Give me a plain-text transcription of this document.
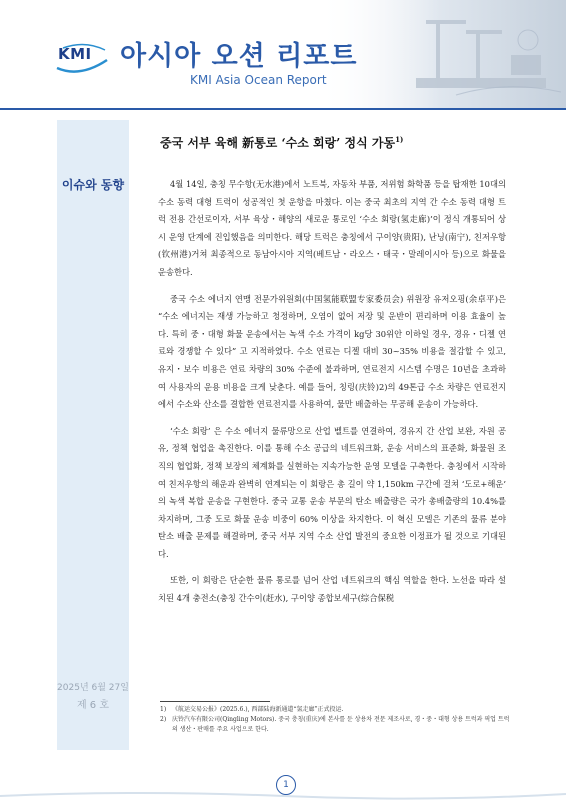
KMI 아시아 오션 리포트
KMI Asia Ocean Report
이슈와 동향
2025년 6월 27일
제 6 호
중국 서부 육해 新통로 ‘수소 회랑’ 정식 가동$^{1)}$

4월 14일, 충칭 무수항(无水港)에서 노트북, 자동차 부품, 저위험 화학품 등을 탑재한 10대의 수소 동력 대형 트럭이 성공적인 첫 운항을 마쳤다. 이는 중국 최초의 지역 간 수소 동력 대형 트럭 전용 간선로이자, 서부 육상・해양의 새로운 통로인 ‘수소 회랑(氢走廊)’이 정식 개통되어 상시 운영 단계에 진입했음을 의미한다. 해당 트럭은 충칭에서 구이양(贵阳), 난닝(南宁), 친저우항(钦州港)거쳐 최종적으로 동남아시아 지역(베트남・라오스・태국・말레이시아 등)으로 화물을 운송한다.

중국 수소 에너지 연맹 전문가위원회(中国氢能联盟专家委员会) 위원장 유저오핑(余卓平)은 “수소 에너지는 재생 가능하고 청정하며, 오염이 없어 저장 및 운반이 편리하며 이용 효율이 높다. 특히 중・대형 화물 운송에서는 녹색 수소 가격이 kg당 30위안 이하일 경우, 경유・디젤 연료와 경쟁할 수 있다” 고 지적하였다. 수소 연료는 디젤 대비 30~35% 비용을 절감할 수 있고, 유지・보수 비용은 연료 차량의 30% 수준에 불과하며, 연료전지 시스템 수명은 10년을 초과하여 사용자의 운용 비용을 크게 낮춘다. 예를 들어, 칭링(庆铃)2)의 49톤급 수소 차량은 연료전지에서 수소와 산소를 결합한 연료전지를 사용하여, 물만 배출하는 무공해 운송이 가능하다.

‘수소 회랑’ 은 수소 에너지 물류망으로 산업 벨트를 연결하여, 경유지 간 산업 보완, 자원 공유, 정책 협업을 촉진한다. 이를 통해 수소 공급의 네트워크화, 운송 서비스의 표준화, 화물원 조직의 협업화, 정책 보장의 체계화를 실현하는 지속가능한 운영 모델을 구축한다. 충칭에서 시작하여 친저우항의 해운과 완벽히 연계되는 이 회랑은 총 길이 약 1,150km 구간에 걸쳐 ‘도로+해운’ 의 녹색 복합 운송을 구현한다. 중국 교통 운송 부문의 탄소 배출량은 국가 총배출량의 10.4%를 차지하며, 그중 도로 화물 운송 비중이 60% 이상을 차지한다. 이 혁신 모델은 기존의 물류 분야 탄소 배출 문제를 해결하며, 중국 서부 지역 수소 산업 발전의 중요한 이정표가 될 것으로 기대된다.

또한, 이 회랑은 단순한 물류 통로를 넘어 산업 네트워크의 핵심 역할을 한다. 노선을 따라 설치된 4개 충전소(충칭 간수이(赶水), 구이양 종합보세구(综合保税

1) 《航运交易公报》(2025.6.), 西部陆海新通道“氢走廊”正式投运.
2) 庆铃汽车有限公司(Qingling Motors). 중국 충칭(重庆)에 본사를 둔 상용차 전문 제조사로, 경・중・대형 상용 트럭과 픽업 트럭의 생산・판매를 주요 사업으로 한다.
1
